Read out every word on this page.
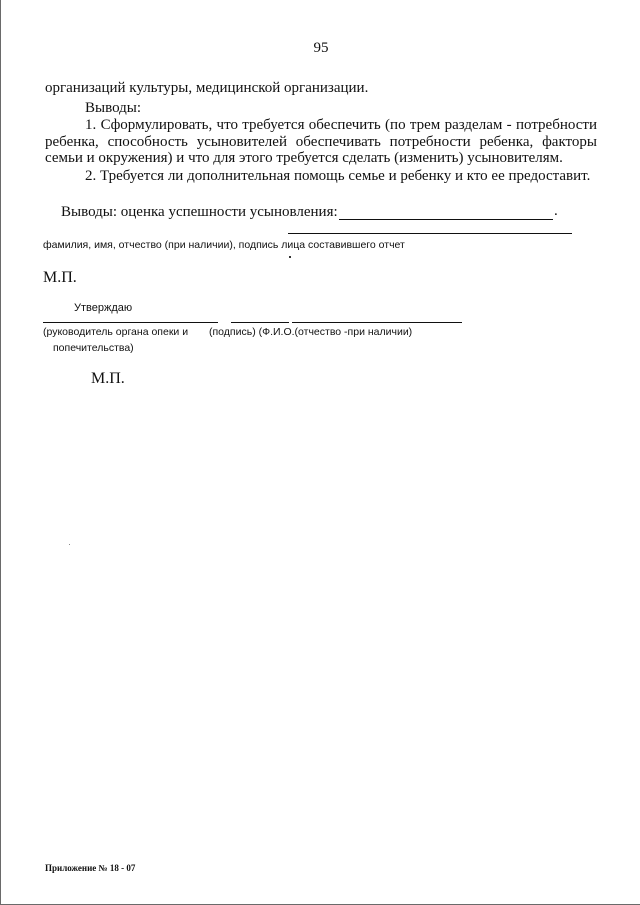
95
организаций культуры, медицинской организации.
Выводы:
1. Сформулировать, что требуется обеспечить (по трем разделам - потребности
ребенка, способность усыновителей обеспечивать потребности ребенка, факторы
семьи и окружения) и что для этого требуется сделать (изменить) усыновителям.
2. Требуется ли дополнительная помощь семье и ребенку и кто ее предоставит.
Выводы: оценка успешности усыновления:	.
фамилия, имя, отчество (при наличии), подпись лица составившего отчет
М.П.
Утверждаю
(руководитель органа опеки и (подпись) (Ф.И.О.(отчество -при наличии)
попечительства)
М.П.
Приложение № 18 - 07
